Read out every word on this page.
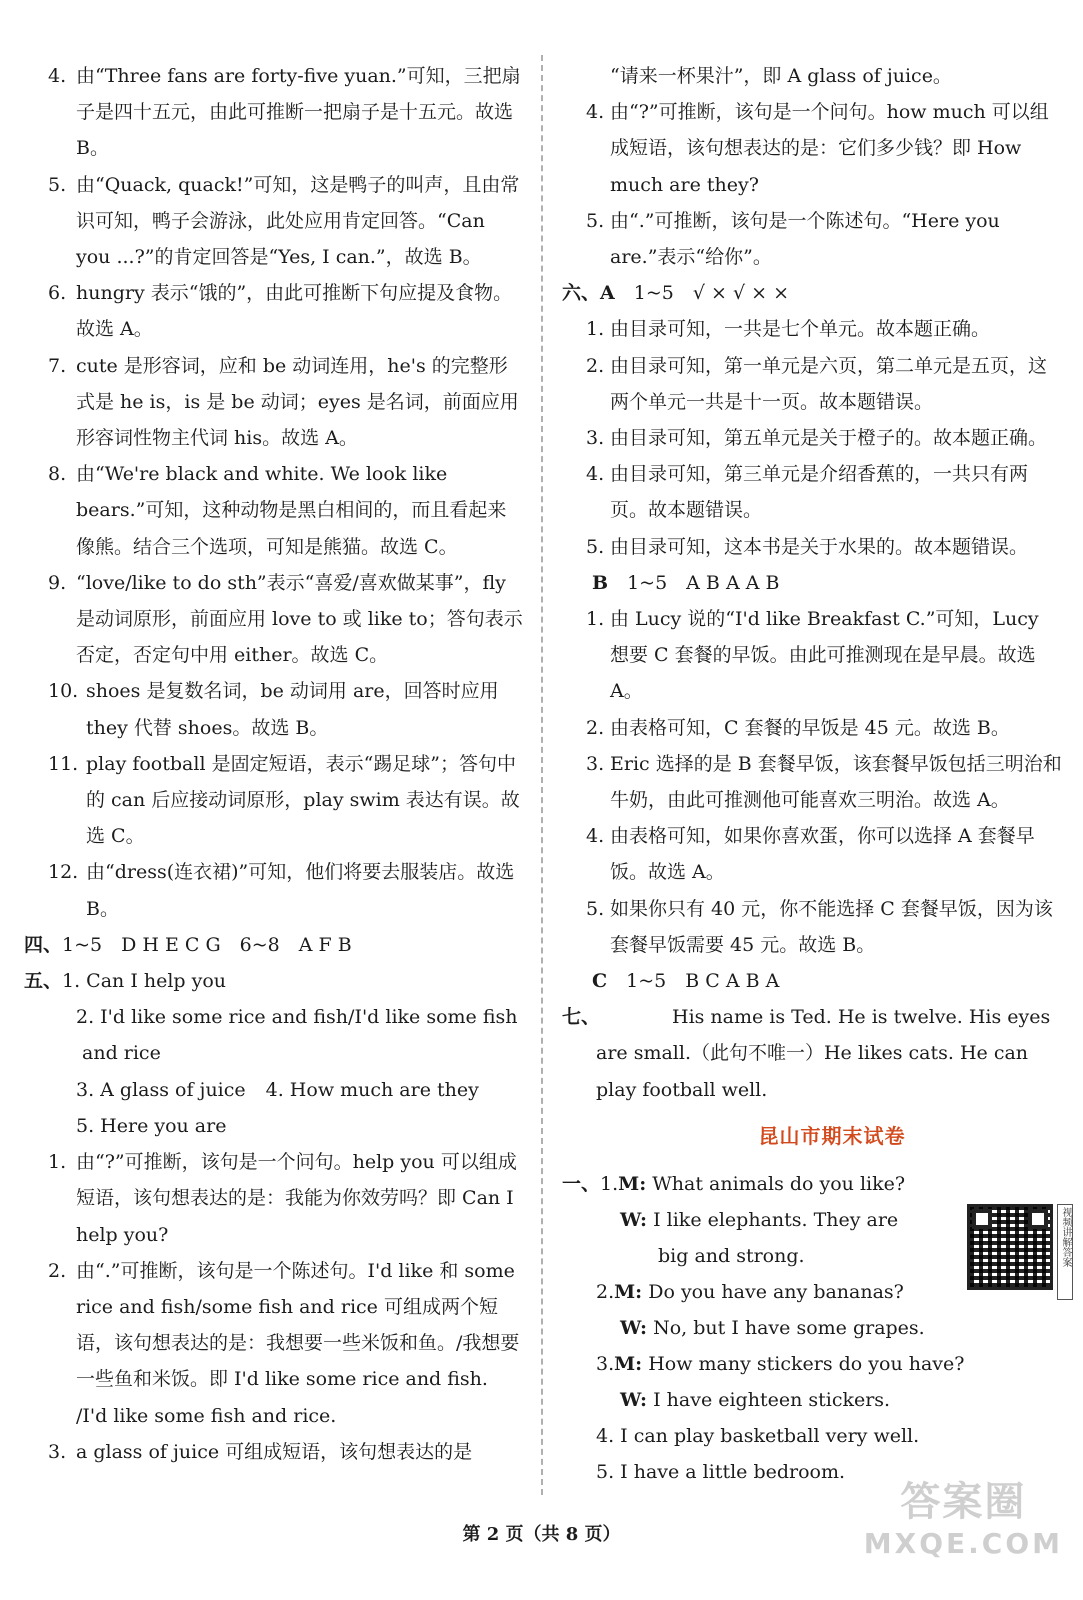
4. 由“Three fans are forty-five yuan.”可知，三把扇子是四十五元，由此可推断一把扇子是十五元。故选 B。
5. 由“Quack, quack!”可知，这是鸭子的叫声，且由常识可知，鸭子会游泳，此处应用肯定回答。“Can you ...?”的肯定回答是“Yes, I can.”，故选 B。
6. hungry 表示“饿的”，由此可推断下句应提及食物。故选 A。
7. cute 是形容词，应和 be 动词连用，he's 的完整形式是 he is，is 是 be 动词；eyes 是名词，前面应用形容词性物主代词 his。故选 A。
8. 由“We're black and white. We look like bears.”可知，这种动物是黑白相间的，而且看起来像熊。结合三个选项，可知是熊猫。故选 C。
9. “love/like to do sth”表示“喜爱/喜欢做某事”，fly 是动词原形，前面应用 love to 或 like to；答句表示否定，否定句中用 either。故选 C。
10. shoes 是复数名词，be 动词用 are，回答时应用 they 代替 shoes。故选 B。
11. play football 是固定短语，表示“踢足球”；答句中的 can 后应接动词原形，play swim 表达有误。故选 C。
12. 由“dress(连衣裙)”可知，他们将要去服装店。故选 B。
四、1~5　D H E C G　6~8　A F B
五、1. Can I help you
2. I'd like some rice and fish/I'd like some fish
and rice
3. A glass of juice 4. How much are they
5. Here you are
1. 由“?”可推断，该句是一个问句。help you 可以组成短语，该句想表达的是：我能为你效劳吗？即 Can I help you?
2. 由“.”可推断，该句是一个陈述句。I'd like 和 some rice and fish/some fish and rice 可组成两个短语，该句想表达的是：我想要一些米饭和鱼。/我想要一些鱼和米饭。即 I'd like some rice and fish. /I'd like some fish and rice.
3. a glass of juice 可组成短语，该句想表达的是
“请来一杯果汁”，即 A glass of juice。
4. 由“?”可推断，该句是一个问句。how much 可以组成短语，该句想表达的是：它们多少钱？即 How much are they?
5. 由“.”可推断，该句是一个陈述句。“Here you are.”表示“给你”。
六、A　 1~5　√ × √ × ×
1. 由目录可知，一共是七个单元。故本题正确。
2. 由目录可知，第一单元是六页，第二单元是五页，这两个单元一共是十一页。故本题错误。
3. 由目录可知，第五单元是关于橙子的。故本题正确。
4. 由目录可知，第三单元是介绍香蕉的，一共只有两页。故本题错误。
5. 由目录可知，这本书是关于水果的。故本题错误。
B　 1~5　A B A A B
1. 由 Lucy 说的“I'd like Breakfast C.”可知，Lucy 想要 C 套餐的早饭。由此可推测现在是早晨。故选 A。
2. 由表格可知，C 套餐的早饭是 45 元。故选 B。
3. Eric 选择的是 B 套餐早饭，该套餐早饭包括三明治和牛奶，由此可推测他可能喜欢三明治。故选 A。
4. 由表格可知，如果你喜欢蛋，你可以选择 A 套餐早饭。故选 A。
5. 如果你只有 40 元，你不能选择 C 套餐早饭，因为该套餐早饭需要 45 元。故选 B。
C　 1~5　B C A B A
七、	His name is Ted. He is twelve. His eyes are small.（此句不唯一）He likes cats. He can play football well.
昆山市期末试卷
一、1.M: What animals do you like?
W: I like elephants. They are
big and strong.
2.M: Do you have any bananas?
W: No, but I have some grapes.
3.M: How many stickers do you have?
W: I have eighteen stickers.
4. I can play basketball very well.
5. I have a little bedroom.
视频讲解答案
第 2 页（共 8 页）
答案圈
MXQE.COM
